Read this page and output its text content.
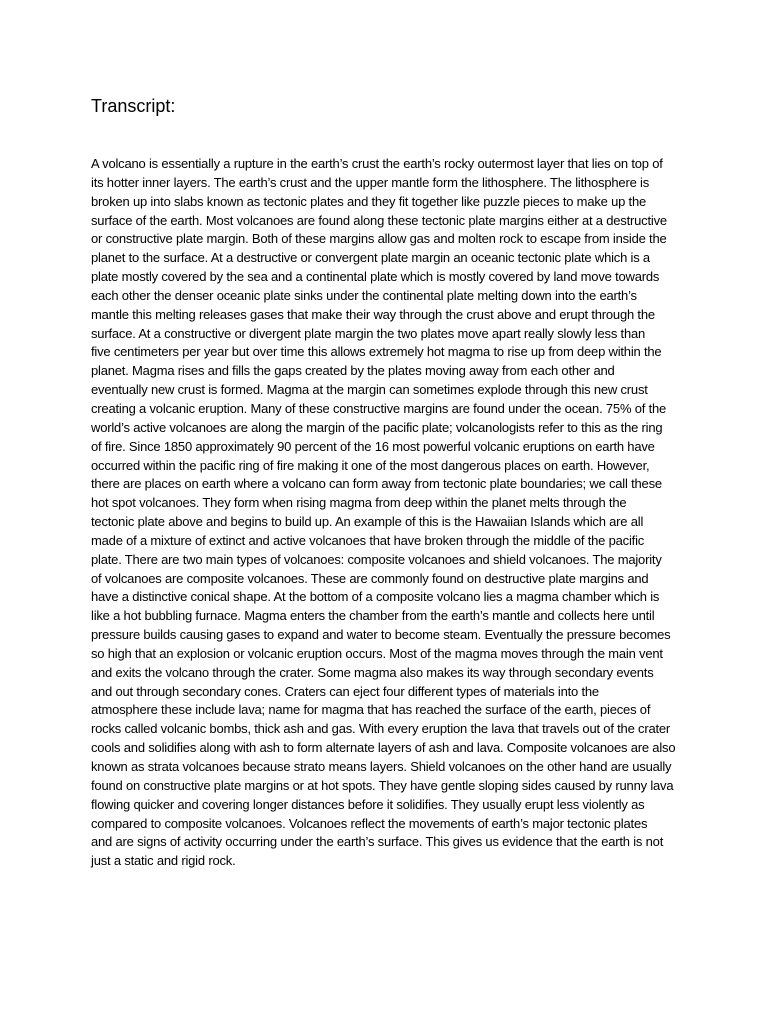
Transcript:
A volcano is essentially a rupture in the earth’s crust the earth’s rocky outermost layer that lies on top of
its hotter inner layers. The earth’s crust and the upper mantle form the lithosphere. The lithosphere is
broken up into slabs known as tectonic plates and they fit together like puzzle pieces to make up the
surface of the earth. Most volcanoes are found along these tectonic plate margins either at a destructive
or constructive plate margin. Both of these margins allow gas and molten rock to escape from inside the
planet to the surface. At a destructive or convergent plate margin an oceanic tectonic plate which is a
plate mostly covered by the sea and a continental plate which is mostly covered by land move towards
each other the denser oceanic plate sinks under the continental plate melting down into the earth’s
mantle this melting releases gases that make their way through the crust above and erupt through the
surface. At a constructive or divergent plate margin the two plates move apart really slowly less than
five centimeters per year but over time this allows extremely hot magma to rise up from deep within the
planet. Magma rises and fills the gaps created by the plates moving away from each other and
eventually new crust is formed. Magma at the margin can sometimes explode through this new crust
creating a volcanic eruption. Many of these constructive margins are found under the ocean. 75% of the
world’s active volcanoes are along the margin of the pacific plate; volcanologists refer to this as the ring
of fire. Since 1850 approximately 90 percent of the 16 most powerful volcanic eruptions on earth have
occurred within the pacific ring of fire making it one of the most dangerous places on earth. However,
there are places on earth where a volcano can form away from tectonic plate boundaries; we call these
hot spot volcanoes. They form when rising magma from deep within the planet melts through the
tectonic plate above and begins to build up. An example of this is the Hawaiian Islands which are all
made of a mixture of extinct and active volcanoes that have broken through the middle of the pacific
plate. There are two main types of volcanoes: composite volcanoes and shield volcanoes. The majority
of volcanoes are composite volcanoes. These are commonly found on destructive plate margins and
have a distinctive conical shape. At the bottom of a composite volcano lies a magma chamber which is
like a hot bubbling furnace. Magma enters the chamber from the earth’s mantle and collects here until
pressure builds causing gases to expand and water to become steam. Eventually the pressure becomes
so high that an explosion or volcanic eruption occurs. Most of the magma moves through the main vent
and exits the volcano through the crater. Some magma also makes its way through secondary events
and out through secondary cones. Craters can eject four different types of materials into the
atmosphere these include lava; name for magma that has reached the surface of the earth, pieces of
rocks called volcanic bombs, thick ash and gas. With every eruption the lava that travels out of the crater
cools and solidifies along with ash to form alternate layers of ash and lava. Composite volcanoes are also
known as strata volcanoes because strato means layers. Shield volcanoes on the other hand are usually
found on constructive plate margins or at hot spots. They have gentle sloping sides caused by runny lava
flowing quicker and covering longer distances before it solidifies. They usually erupt less violently as
compared to composite volcanoes. Volcanoes reflect the movements of earth’s major tectonic plates
and are signs of activity occurring under the earth’s surface. This gives us evidence that the earth is not
just a static and rigid rock.
